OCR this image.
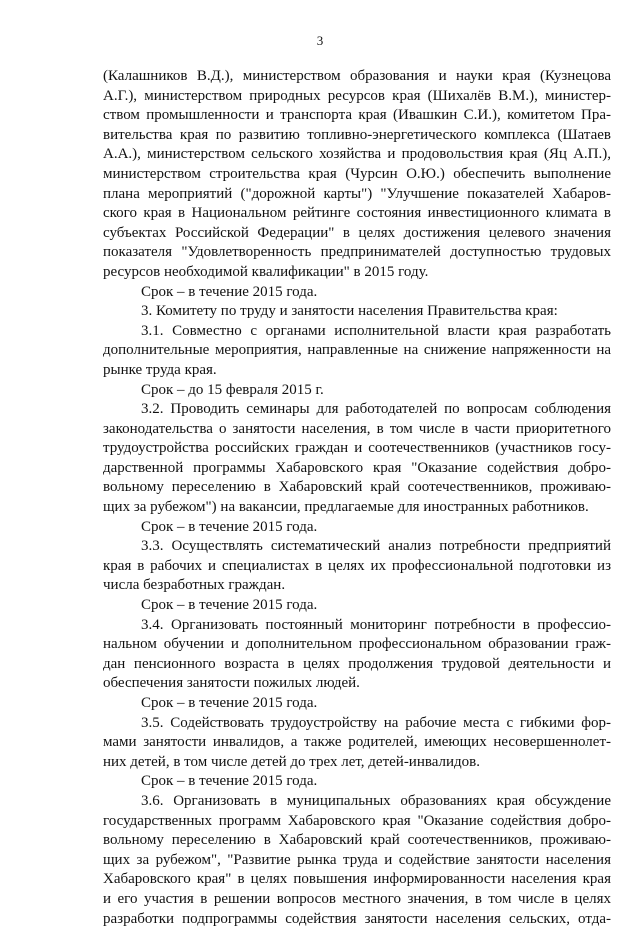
3
(Калашников В.Д.), министерством образования и науки края (Кузнецова
А.Г.), министерством природных ресурсов края (Шихалёв В.М.), министер-
ством промышленности и транспорта края (Ивашкин С.И.), комитетом Пра-
вительства края по развитию топливно-энергетического комплекса (Шатаев
А.А.), министерством сельского хозяйства и продовольствия края (Яц А.П.),
министерством строительства края (Чурсин О.Ю.) обеспечить выполнение
плана мероприятий ("дорожной карты") "Улучшение показателей Хабаров-
ского края в Национальном рейтинге состояния инвестиционного климата в
субъектах Российской Федерации" в целях достижения целевого значения
показателя "Удовлетворенность предпринимателей доступностью трудовых
ресурсов необходимой квалификации" в 2015 году.
Срок – в течение 2015 года.
3. Комитету по труду и занятости населения Правительства края:
3.1. Совместно с органами исполнительной власти края разработать
дополнительные мероприятия, направленные на снижение напряженности на
рынке труда края.
Срок – до 15 февраля 2015 г.
3.2. Проводить семинары для работодателей по вопросам соблюдения
законодательства о занятости населения, в том числе в части приоритетного
трудоустройства российских граждан и соотечественников (участников госу-
дарственной программы Хабаровского края "Оказание содействия добро-
вольному переселению в Хабаровский край соотечественников, проживаю-
щих за рубежом") на вакансии, предлагаемые для иностранных работников.
Срок – в течение 2015 года.
3.3. Осуществлять систематический анализ потребности предприятий
края в рабочих и специалистах в целях их профессиональной подготовки из
числа безработных граждан.
Срок – в течение 2015 года.
3.4. Организовать постоянный мониторинг потребности в профессио-
нальном обучении и дополнительном профессиональном образовании граж-
дан пенсионного возраста в целях продолжения трудовой деятельности и
обеспечения занятости пожилых людей.
Срок – в течение 2015 года.
3.5. Содействовать трудоустройству на рабочие места с гибкими фор-
мами занятости инвалидов, а также родителей, имеющих несовершеннолет-
них детей, в том числе детей до трех лет, детей-инвалидов.
Срок – в течение 2015 года.
3.6. Организовать в муниципальных образованиях края обсуждение
государственных программ Хабаровского края "Оказание содействия добро-
вольному переселению в Хабаровский край соотечественников, проживаю-
щих за рубежом", "Развитие рынка труда и содействие занятости населения
Хабаровского края" в целях повышения информированности населения края
и его участия в решении вопросов местного значения, в том числе в целях
разработки подпрограммы содействия занятости населения сельских, отда-
